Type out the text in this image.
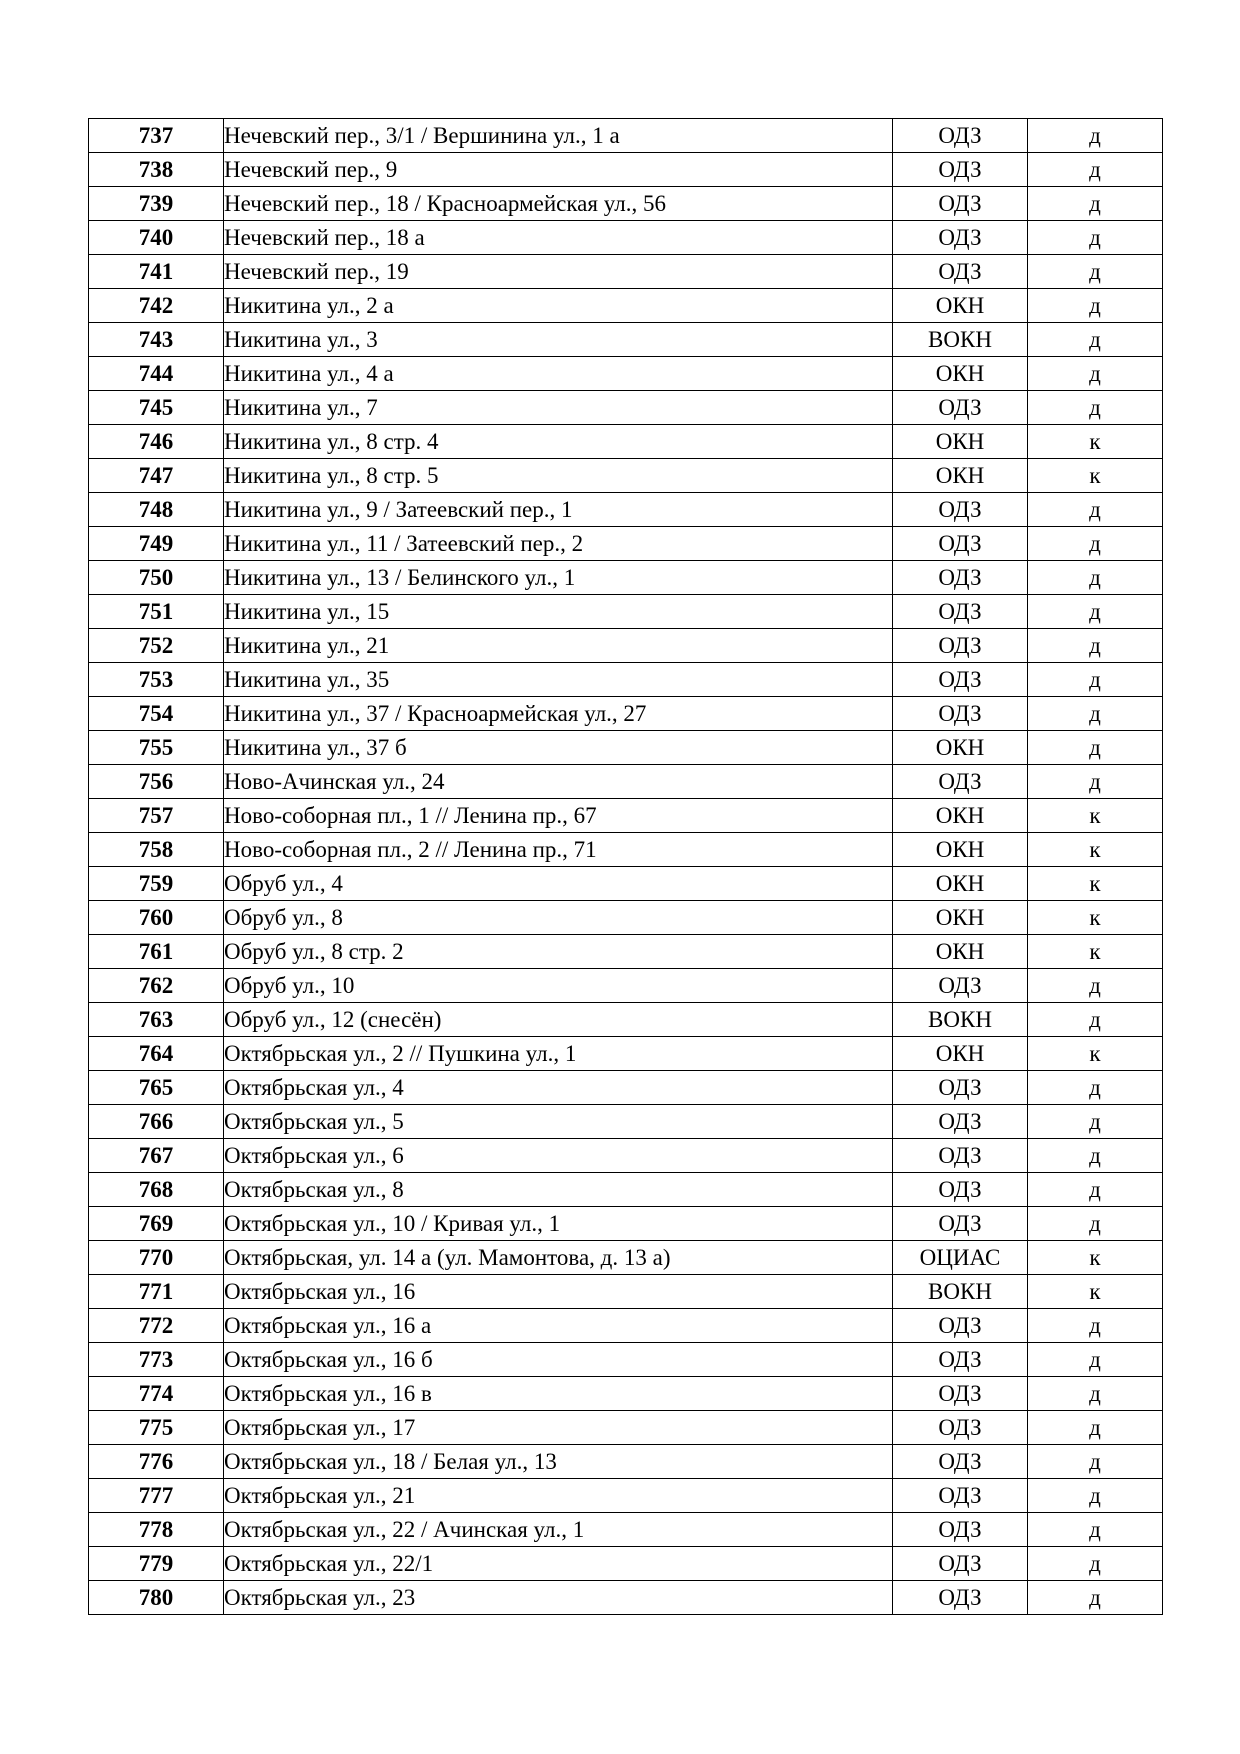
737	Нечевский пер., 3/1 / Вершинина ул., 1 а	ОДЗ	д
738	Нечевский пер., 9	ОДЗ	д
739	Нечевский пер., 18 / Красноармейская ул., 56	ОДЗ	д
740	Нечевский пер., 18 а	ОДЗ	д
741	Нечевский пер., 19	ОДЗ	д
742	Никитина ул., 2 а	ОКН	д
743	Никитина ул., 3	ВОКН	д
744	Никитина ул., 4 а	ОКН	д
745	Никитина ул., 7	ОДЗ	д
746	Никитина ул., 8 стр. 4	ОКН	к
747	Никитина ул., 8 стр. 5	ОКН	к
748	Никитина ул., 9 / Затеевский пер., 1	ОДЗ	д
749	Никитина ул., 11 / Затеевский пер., 2	ОДЗ	д
750	Никитина ул., 13 / Белинского ул., 1	ОДЗ	д
751	Никитина ул., 15	ОДЗ	д
752	Никитина ул., 21	ОДЗ	д
753	Никитина ул., 35	ОДЗ	д
754	Никитина ул., 37 / Красноармейская ул., 27	ОДЗ	д
755	Никитина ул., 37 б	ОКН	д
756	Ново-Ачинская ул., 24	ОДЗ	д
757	Ново-соборная пл., 1 // Ленина пр., 67	ОКН	к
758	Ново-соборная пл., 2 // Ленина пр., 71	ОКН	к
759	Обруб ул., 4	ОКН	к
760	Обруб ул., 8	ОКН	к
761	Обруб ул., 8 стр. 2	ОКН	к
762	Обруб ул., 10	ОДЗ	д
763	Обруб ул., 12 (снесён)	ВОКН	д
764	Октябрьская ул., 2 // Пушкина ул., 1	ОКН	к
765	Октябрьская ул., 4	ОДЗ	д
766	Октябрьская ул., 5	ОДЗ	д
767	Октябрьская ул., 6	ОДЗ	д
768	Октябрьская ул., 8	ОДЗ	д
769	Октябрьская ул., 10 / Кривая ул., 1	ОДЗ	д
770	Октябрьская, ул. 14 а (ул. Мамонтова, д. 13 а)	ОЦИАС	к
771	Октябрьская ул., 16	ВОКН	к
772	Октябрьская ул., 16 а	ОДЗ	д
773	Октябрьская ул., 16 б	ОДЗ	д
774	Октябрьская ул., 16 в	ОДЗ	д
775	Октябрьская ул., 17	ОДЗ	д
776	Октябрьская ул., 18 / Белая ул., 13	ОДЗ	д
777	Октябрьская ул., 21	ОДЗ	д
778	Октябрьская ул., 22 / Ачинская ул., 1	ОДЗ	д
779	Октябрьская ул., 22/1	ОДЗ	д
780	Октябрьская ул., 23	ОДЗ	д
